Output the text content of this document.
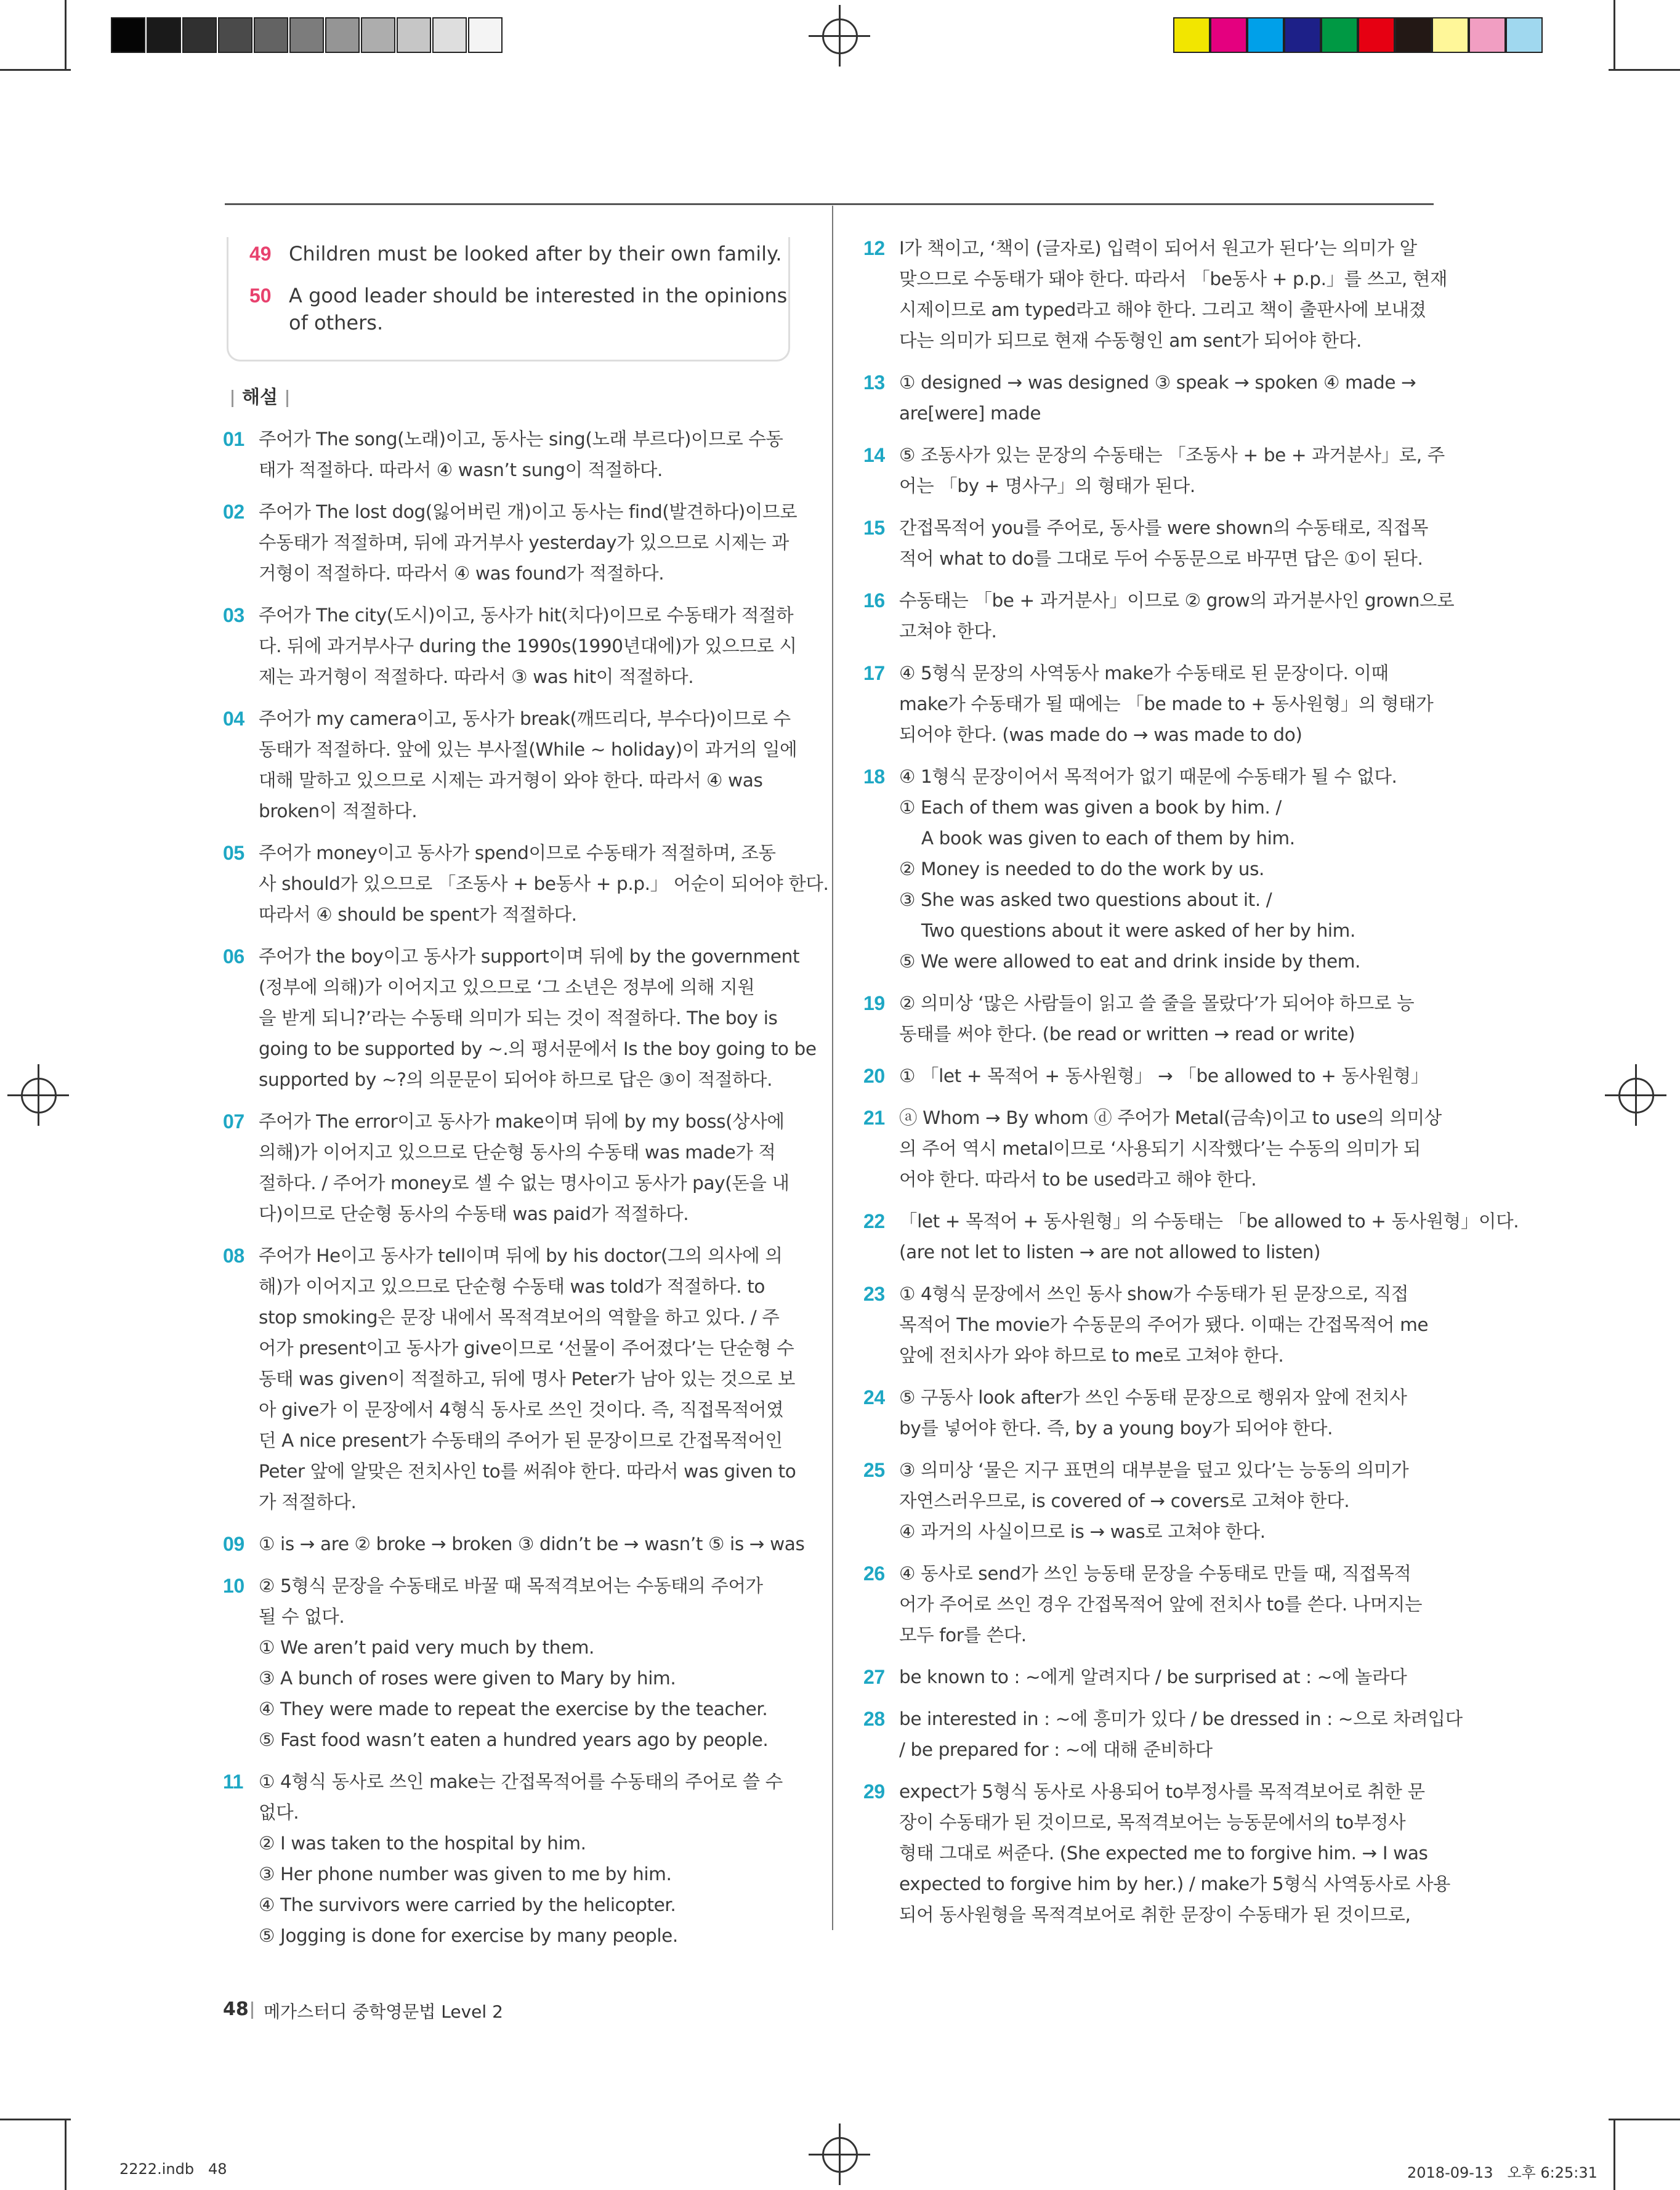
49 Children must be looked after by their own family.
50 A good leader should be interested in the opinions
of others.
해설
48 메가스터디 중학영문법 Level 2
2222.indb   48	2018-09-13   오후 6:25:31
01 주어가 The song(노래)이고, 동사는 sing(노래 부르다)이므로 수동
태가 적절하다. 따라서 ④ wasn’t sung이 적절하다.
02 주어가 The lost dog(잃어버린 개)이고 동사는 find(발견하다)이므로
수동태가 적절하며, 뒤에 과거부사 yesterday가 있으므로 시제는 과
거형이 적절하다. 따라서 ④ was found가 적절하다.
03 주어가 The city(도시)이고, 동사가 hit(치다)이므로 수동태가 적절하
다. 뒤에 과거부사구 during the 1990s(1990년대에)가 있으므로 시
제는 과거형이 적절하다. 따라서 ③ was hit이 적절하다.
04 주어가 my camera이고, 동사가 break(깨뜨리다, 부수다)이므로 수
동태가 적절하다. 앞에 있는 부사절(While ~ holiday)이 과거의 일에
대해 말하고 있으므로 시제는 과거형이 와야 한다. 따라서 ④ was
broken이 적절하다.
05 주어가 money이고 동사가 spend이므로 수동태가 적절하며, 조동
사 should가 있으므로 「조동사 + be동사 + p.p.」 어순이 되어야 한다.
따라서 ④ should be spent가 적절하다.
06 주어가 the boy이고 동사가 support이며 뒤에 by the government
(정부에 의해)가 이어지고 있으므로 ‘그 소년은 정부에 의해 지원
을 받게 되니?’라는 수동태 의미가 되는 것이 적절하다. The boy is
going to be supported by ~.의 평서문에서 Is the boy going to be
supported by ~?의 의문문이 되어야 하므로 답은 ③이 적절하다.
07 주어가 The error이고 동사가 make이며 뒤에 by my boss(상사에
의해)가 이어지고 있으므로 단순형 동사의 수동태 was made가 적
절하다. / 주어가 money로 셀 수 없는 명사이고 동사가 pay(돈을 내
다)이므로 단순형 동사의 수동태 was paid가 적절하다.
08 주어가 He이고 동사가 tell이며 뒤에 by his doctor(그의 의사에 의
해)가 이어지고 있으므로 단순형 수동태 was told가 적절하다. to
stop smoking은 문장 내에서 목적격보어의 역할을 하고 있다. / 주
어가 present이고 동사가 give이므로 ‘선물이 주어졌다’는 단순형 수
동태 was given이 적절하고, 뒤에 명사 Peter가 남아 있는 것으로 보
아 give가 이 문장에서 4형식 동사로 쓰인 것이다. 즉, 직접목적어였
던 A nice present가 수동태의 주어가 된 문장이므로 간접목적어인
Peter 앞에 알맞은 전치사인 to를 써줘야 한다. 따라서 was given to
가 적절하다.
09 ① is → are ② broke → broken ③ didn’t be → wasn’t ⑤ is → was
10 ② 5형식 문장을 수동태로 바꿀 때 목적격보어는 수동태의 주어가
될 수 없다.
① We aren’t paid very much by them.
③ A bunch of roses were given to Mary by him.
④ They were made to repeat the exercise by the teacher.
⑤ Fast food wasn’t eaten a hundred years ago by people.
11 ① 4형식 동사로 쓰인 make는 간접목적어를 수동태의 주어로 쓸 수
없다.
② I was taken to the hospital by him.
③ Her phone number was given to me by him.
④ The survivors were carried by the helicopter.
⑤ Jogging is done for exercise by many people.
12 I가 책이고, ‘책이 (글자로) 입력이 되어서 원고가 된다’는 의미가 알
맞으므로 수동태가 돼야 한다. 따라서 「be동사 + p.p.」를 쓰고, 현재
시제이므로 am typed라고 해야 한다. 그리고 책이 출판사에 보내졌
다는 의미가 되므로 현재 수동형인 am sent가 되어야 한다.
13 ① designed → was designed ③ speak → spoken ④ made →
are[were] made
14 ⑤ 조동사가 있는 문장의 수동태는 「조동사 + be + 과거분사」로, 주
어는 「by + 명사구」의 형태가 된다.
15 간접목적어 you를 주어로, 동사를 were shown의 수동태로, 직접목
적어 what to do를 그대로 두어 수동문으로 바꾸면 답은 ①이 된다.
16 수동태는 「be + 과거분사」이므로 ② grow의 과거분사인 grown으로
고쳐야 한다.
17 ④ 5형식 문장의 사역동사 make가 수동태로 된 문장이다. 이때
make가 수동태가 될 때에는 「be made to + 동사원형」의 형태가
되어야 한다. (was made do → was made to do)
18 ④ 1형식 문장이어서 목적어가 없기 때문에 수동태가 될 수 없다.
① Each of them was given a book by him. /
A book was given to each of them by him.
② Money is needed to do the work by us.
③ She was asked two questions about it. /
Two questions about it were asked of her by him.
⑤ We were allowed to eat and drink inside by them.
19 ② 의미상 ‘많은 사람들이 읽고 쓸 줄을 몰랐다’가 되어야 하므로 능
동태를 써야 한다. (be read or written → read or write)
20 ① 「let + 목적어 + 동사원형」 → 「be allowed to + 동사원형」
21 ⓐ Whom → By whom ⓓ 주어가 Metal(금속)이고 to use의 의미상
의 주어 역시 metal이므로 ‘사용되기 시작했다’는 수동의 의미가 되
어야 한다. 따라서 to be used라고 해야 한다.
22 「let + 목적어 + 동사원형」의 수동태는 「be allowed to + 동사원형」이다.
(are not let to listen → are not allowed to listen)
23 ① 4형식 문장에서 쓰인 동사 show가 수동태가 된 문장으로, 직접
목적어 The movie가 수동문의 주어가 됐다. 이때는 간접목적어 me
앞에 전치사가 와야 하므로 to me로 고쳐야 한다.
24 ⑤ 구동사 look after가 쓰인 수동태 문장으로 행위자 앞에 전치사
by를 넣어야 한다. 즉, by a young boy가 되어야 한다.
25 ③ 의미상 ‘물은 지구 표면의 대부분을 덮고 있다’는 능동의 의미가
자연스러우므로, is covered of → covers로 고쳐야 한다.
④ 과거의 사실이므로 is → was로 고쳐야 한다.
26 ④ 동사로 send가 쓰인 능동태 문장을 수동태로 만들 때, 직접목적
어가 주어로 쓰인 경우 간접목적어 앞에 전치사 to를 쓴다. 나머지는
모두 for를 쓴다.
27 be known to : ~에게 알려지다 / be surprised at : ~에 놀라다
28 be interested in : ~에 흥미가 있다 / be dressed in : ~으로 차려입다
/ be prepared for : ~에 대해 준비하다
29 expect가 5형식 동사로 사용되어 to부정사를 목적격보어로 취한 문
장이 수동태가 된 것이므로, 목적격보어는 능동문에서의 to부정사
형태 그대로 써준다. (She expected me to forgive him. → I was
expected to forgive him by her.) / make가 5형식 사역동사로 사용
되어 동사원형을 목적격보어로 취한 문장이 수동태가 된 것이므로,
